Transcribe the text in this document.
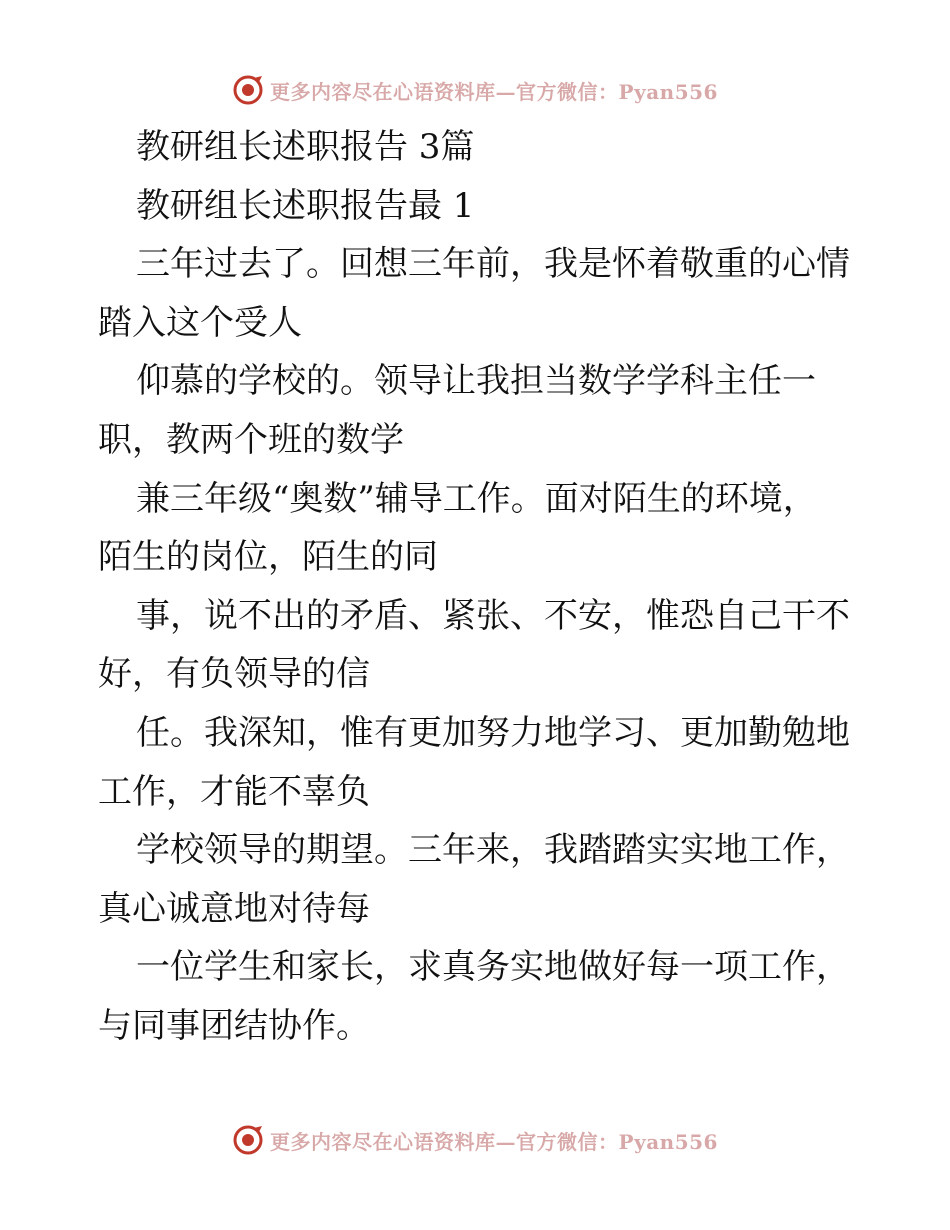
更多内容尽在心语资料库—官方微信：Pyan556
教研组长述职报告 3篇
教研组长述职报告最 1
三年过去了。回想三年前，我是怀着敬重的心情
踏入这个受人
仰慕的学校的。领导让我担当数学学科主任一
职，教两个班的数学
兼三年级“奥数”辅导工作。面对陌生的环境，
陌生的岗位，陌生的同
事，说不出的矛盾、紧张、不安，惟恐自己干不
好，有负领导的信
任。我深知，惟有更加努力地学习、更加勤勉地
工作，才能不辜负
学校领导的期望。三年来，我踏踏实实地工作，
真心诚意地对待每
一位学生和家长，求真务实地做好每一项工作，
与同事团结协作。
更多内容尽在心语资料库—官方微信：Pyan556
